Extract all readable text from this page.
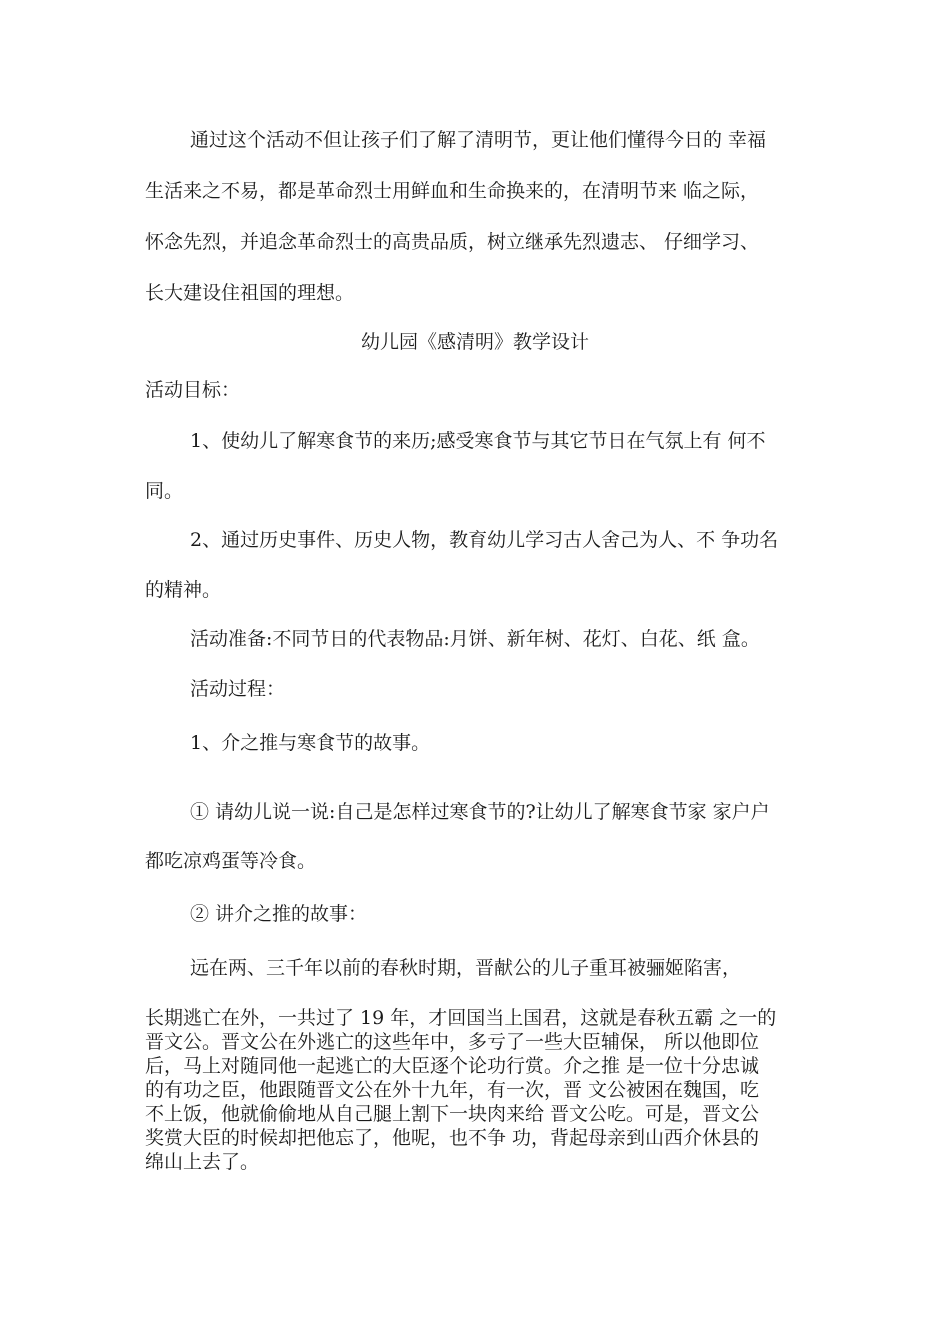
通过这个活动不但让孩子们了解了清明节，更让他们懂得今日的 幸福

生活来之不易，都是革命烈士用鲜血和生命换来的，在清明节来 临之际，

怀念先烈，并追念革命烈士的高贵品质，树立继承先烈遗志、 仔细学习、

长大建设住祖国的理想。

幼儿园《感清明》教学设计

活动目标：

1、使幼儿了解寒食节的来历;感受寒食节与其它节日在气氛上有 何不

同。

2、通过历史事件、历史人物，教育幼儿学习古人舍己为人、不 争功名

的精神。

活动准备:不同节日的代表物品:月饼、新年树、花灯、白花、纸 盒。

活动过程：

1、介之推与寒食节的故事。

① 请幼儿说一说:自己是怎样过寒食节的?让幼儿了解寒食节家 家户户

都吃凉鸡蛋等冷食。

② 讲介之推的故事：

远在两、三千年以前的春秋时期，晋献公的儿子重耳被骊姬陷害，

长期逃亡在外，一共过了 19 年，才回国当上国君，这就是春秋五霸 之一的

晋文公。晋文公在外逃亡的这些年中，多亏了一些大臣辅保， 所以他即位

后，马上对随同他一起逃亡的大臣逐个论功行赏。介之推 是一位十分忠诚

的有功之臣，他跟随晋文公在外十九年，有一次，晋 文公被困在魏国，吃

不上饭，他就偷偷地从自己腿上割下一块肉来给 晋文公吃。可是，晋文公

奖赏大臣的时候却把他忘了，他呢，也不争 功，背起母亲到山西介休县的

绵山上去了。
